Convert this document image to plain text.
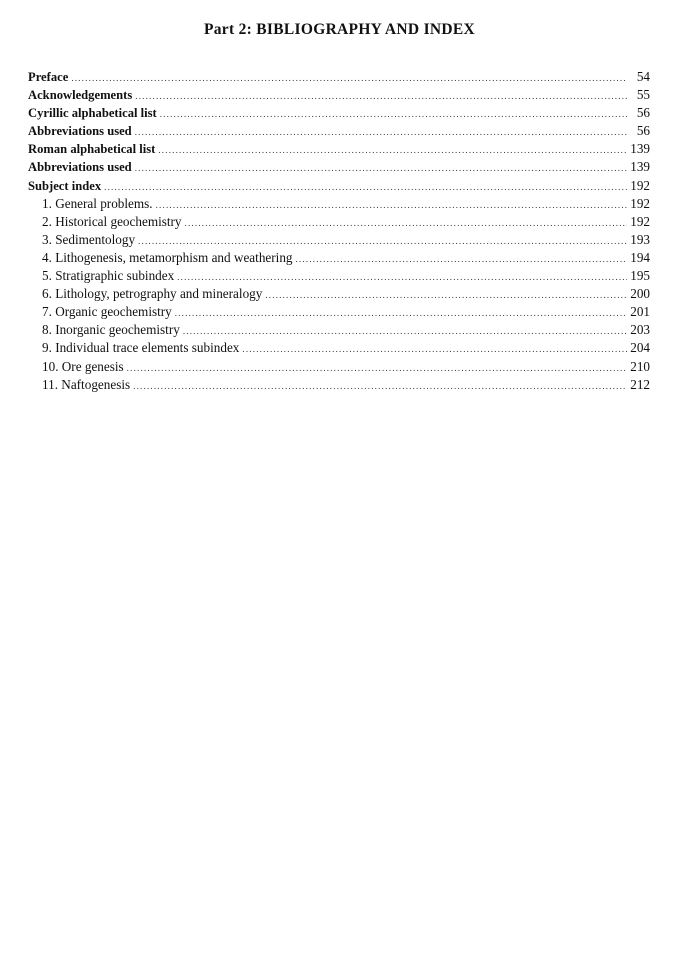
Part 2: BIBLIOGRAPHY AND INDEX
Preface .....	54
Acknowledgements .....	55
Cyrillic alphabetical list .....	56
Abbreviations used .....	56
Roman alphabetical list .....	139
Abbreviations used .....	139
Subject index .....	192
1. General problems. .....	192
2. Historical geochemistry .....	192
3. Sedimentology .....	193
4. Lithogenesis, metamorphism and weathering .....	194
5. Stratigraphic subindex .....	195
6. Lithology, petrography and mineralogy .....	200
7. Organic geochemistry .....	201
8. Inorganic geochemistry .....	203
9. Individual trace elements subindex .....	204
10. Ore genesis .....	210
11. Naftogenesis .....	212
